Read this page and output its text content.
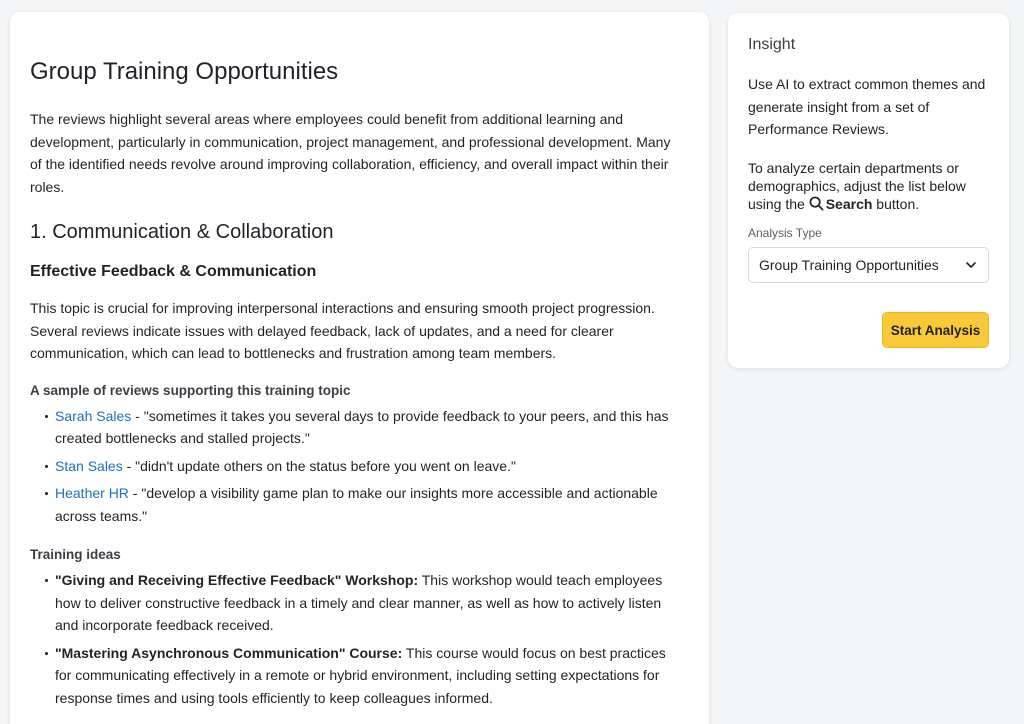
Group Training Opportunities

The reviews highlight several areas where employees could benefit from additional learning and development, particularly in communication, project management, and professional development. Many of the identified needs revolve around improving collaboration, efficiency, and overall impact within their roles.

1. Communication & Collaboration
Effective Feedback & Communication

This topic is crucial for improving interpersonal interactions and ensuring smooth project progression. Several reviews indicate issues with delayed feedback, lack of updates, and a need for clearer communication, which can lead to bottlenecks and frustration among team members.

A sample of reviews supporting this training topic
Sarah Sales - "sometimes it takes you several days to provide feedback to your peers, and this has created bottlenecks and stalled projects."
Stan Sales - "didn't update others on the status before you went on leave."
Heather HR - "develop a visibility game plan to make our insights more accessible and actionable across teams."
Training ideas
"Giving and Receiving Effective Feedback" Workshop: This workshop would teach employees how to deliver constructive feedback in a timely and clear manner, as well as how to actively listen and incorporate feedback received.
"Mastering Asynchronous Communication" Course: This course would focus on best practices for communicating effectively in a remote or hybrid environment, including setting expectations for response times and using tools efficiently to keep colleagues informed.
Insight

Use AI to extract common themes and generate insight from a set of Performance Reviews.

To analyze certain departments or demographics, adjust the list below using the Search button.

Analysis Type
Group Training Opportunities
Start Analysis
